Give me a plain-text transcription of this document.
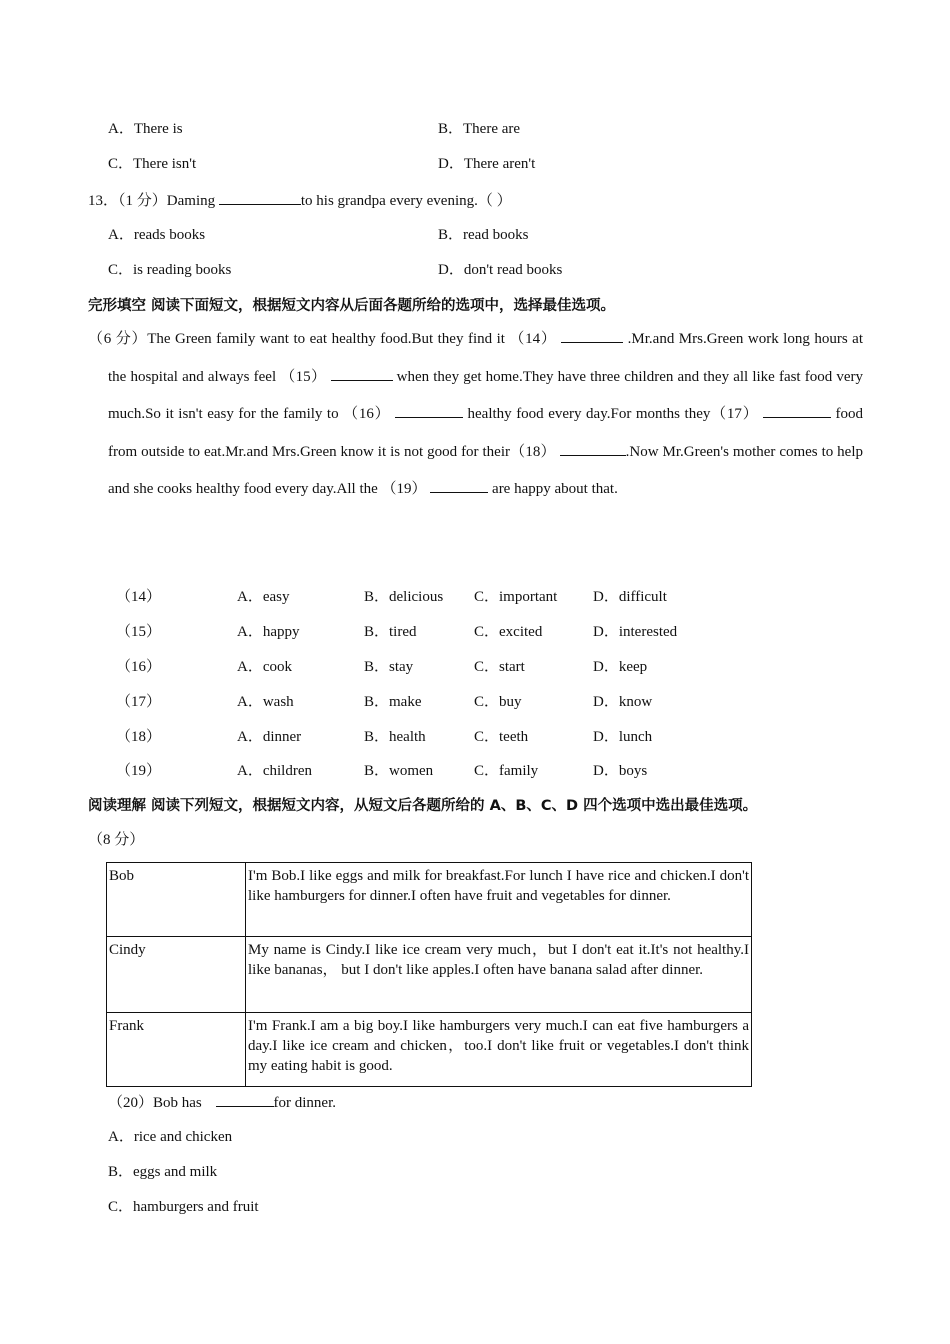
A．There is	B．There are
C．There isn't	D．There aren't
13．（1 分）Daming	to his grandpa every evening.（ ）
A．reads books	B．read books
C．is reading books	D．don't read books
完形填空 阅读下面短文，根据短文内容从后面各题所给的选项中，选择最佳选项。
（6 分）The Green family want to eat healthy food.But they find it （14）	.Mr.and Mrs.Green work long hours at the hospital and always feel （15）	when they get home.They have three children and they all like fast food very much.So it isn't easy for the family to （16）	healthy food every day.For months they（17）	food from outside to eat.Mr.and Mrs.Green know it is not good for their（18）	.Now Mr.Green's mother comes to help and she cooks healthy food every day.All the （19）	are happy about that.
（14）	A．easy	B．delicious C．important D．difficult
（15）	A．happy	B．tired	C．excited	D．interested
（16）	A．cook	B．stay	C．start	D．keep
（17）	A．wash	B．make	C．buy	D．know
（18）	A．dinner	B．health	C．teeth	D．lunch
（19）	A．children	B．women	C．family	D．boys
阅读理解 阅读下列短文，根据短文内容，从短文后各题所给的 A、B、C、D 四个选项中选出最佳选项。
（8 分）
Bob	I'm Bob.I like eggs and milk for breakfast.For lunch I have rice and chicken.I don't like hamburgers for dinner.I often have fruit and vegetables for dinner.
Cindy	My name is Cindy.I like ice cream very much，but I don't eat it.It's not healthy.I like bananas， but I don't like apples.I often have banana salad after dinner.
Frank	I'm Frank.I am a big boy.I like hamburgers very much.I can eat five hamburgers a day.I like ice cream and chicken，too.I don't like fruit or vegetables.I don't think my eating habit is good.
（20）Bob has	for dinner.
A．rice and chicken
B．eggs and milk
C．hamburgers and fruit
